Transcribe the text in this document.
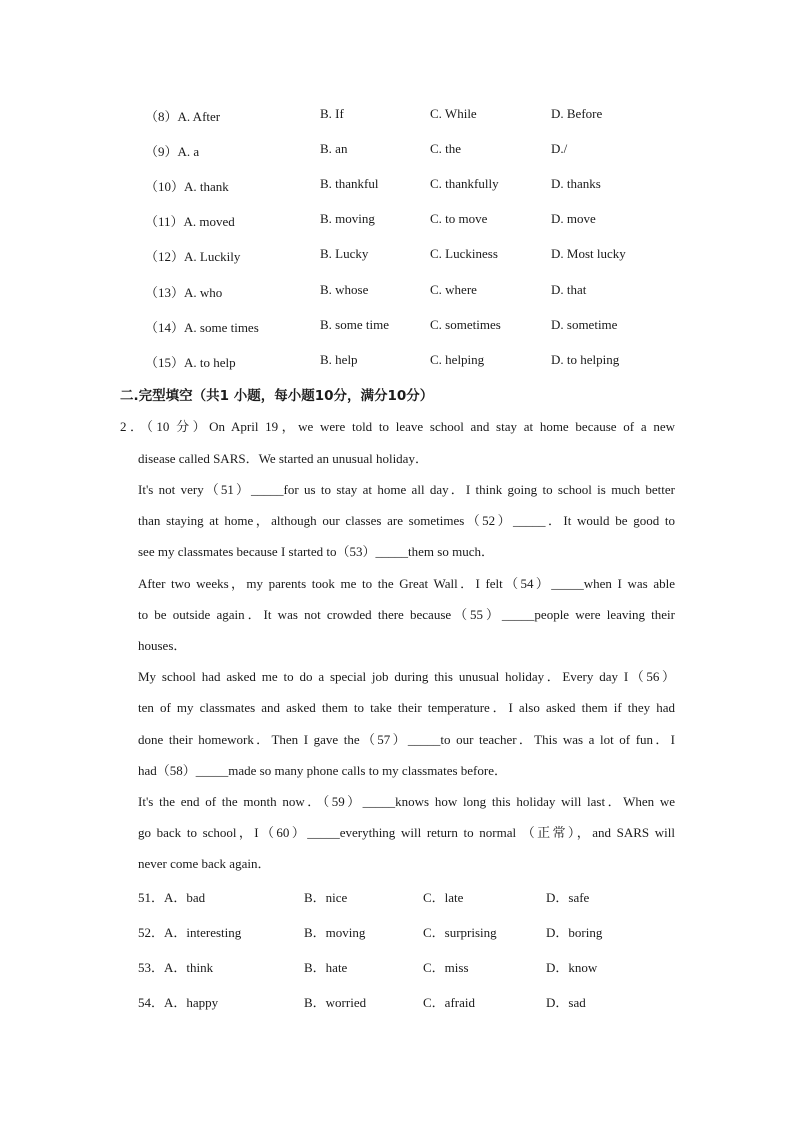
（8）A. After	B. If	C. While	D. Before
（9）A. a	B. an	C. the	D./
（10）A. thank	B. thankful	C. thankfully	D. thanks
（11）A. moved	B. moving	C. to move	D. move
（12）A. Luckily	B. Lucky	C. Luckiness	D. Most lucky
（13）A. who	B. whose	C. where	D. that
（14）A. some times	B. some time	C. sometimes	D. sometime
（15）A. to help	B. help	C. helping	D. to helping
二.完型填空（共1 小题，每小题10分，满分10分）
2．（10 分）On April 19，we were told to leave school and stay at home because of a new
disease called SARS．We started an unusual holiday．
It's not very（51）_____for us to stay at home all day．I think going to school is much better
than staying at home，although our classes are sometimes（52）_____．It would be good to
see my classmates because I started to（53）_____them so much．
After two weeks，my parents took me to the Great Wall．I felt（54）_____when I was able
to be outside again．It was not crowded there because（55）_____people were leaving their
houses．
My school had asked me to do a special job during this unusual holiday．Every day I（56）
ten of my classmates and asked them to take their temperature．I also asked them if they had
done their homework．Then I gave the（57）_____to our teacher．This was a lot of fun．I
had（58）_____made so many phone calls to my classmates before．
It's the end of the month now．（59）_____knows how long this holiday will last．When we
go back to school，I（60）_____everything will return to normal （正常），and SARS will
never come back again．
51．A．bad	B．nice	C．late	D．safe
52．A．interesting	B．moving	C．surprising	D．boring
53．A．think	B．hate	C．miss	D．know
54．A．happy	B．worried	C．afraid	D．sad
